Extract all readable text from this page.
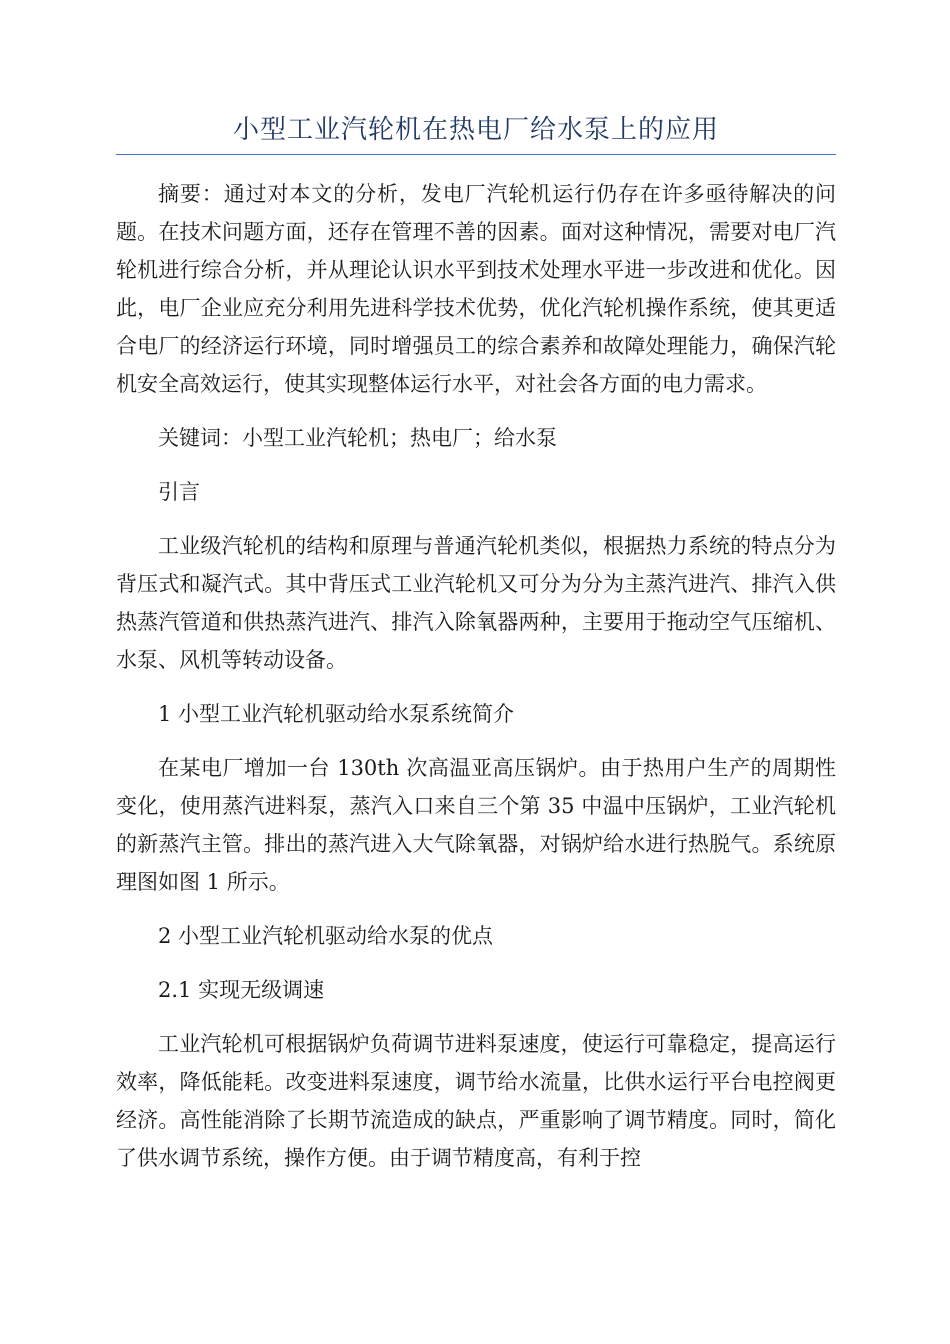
小型工业汽轮机在热电厂给水泵上的应用

摘要：通过对本文的分析，发电厂汽轮机运行仍存在许多亟待解决的问题。在技术问题方面，还存在管理不善的因素。面对这种情况，需要对电厂汽轮机进行综合分析，并从理论认识水平到技术处理水平进一步改进和优化。因此，电厂企业应充分利用先进科学技术优势，优化汽轮机操作系统，使其更适合电厂的经济运行环境，同时增强员工的综合素养和故障处理能力，确保汽轮机安全高效运行，使其实现整体运行水平，对社会各方面的电力需求。

关键词：小型工业汽轮机；热电厂；给水泵

引言

工业级汽轮机的结构和原理与普通汽轮机类似，根据热力系统的特点分为背压式和凝汽式。其中背压式工业汽轮机又可分为分为主蒸汽进汽、排汽入供热蒸汽管道和供热蒸汽进汽、排汽入除氧器两种，主要用于拖动空气压缩机、水泵、风机等转动设备。

1 小型工业汽轮机驱动给水泵系统简介

在某电厂增加一台 130th 次高温亚高压锅炉。由于热用户生产的周期性变化，使用蒸汽进料泵，蒸汽入口来自三个第 35 中温中压锅炉，工业汽轮机的新蒸汽主管。排出的蒸汽进入大气除氧器，对锅炉给水进行热脱气。系统原理图如图 1 所示。

2 小型工业汽轮机驱动给水泵的优点

2.1 实现无级调速

工业汽轮机可根据锅炉负荷调节进料泵速度，使运行可靠稳定，提高运行效率，降低能耗。改变进料泵速度，调节给水流量，比供水运行平台电控阀更经济。高性能消除了长期节流造成的缺点，严重影响了调节精度。同时，简化了供水调节系统，操作方便。由于调节精度高，有利于控
